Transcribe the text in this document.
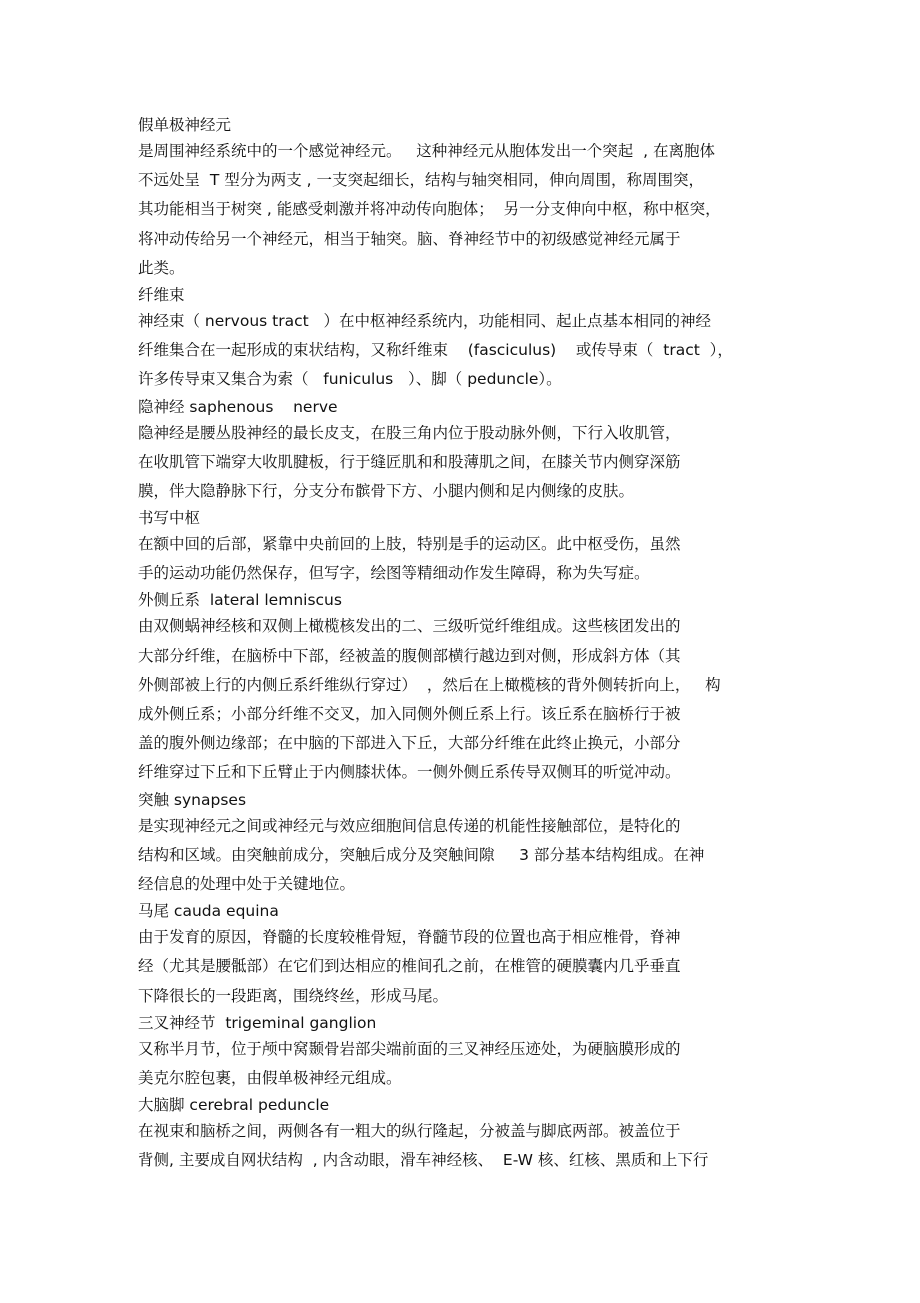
假单极神经元
是周围神经系统中的一个感觉神经元。   这种神经元从胞体发出一个突起  , 在离胞体
不远处呈  T 型分为两支 , 一支突起细长，结构与轴突相同，伸向周围，称周围突，
其功能相当于树突 , 能感受刺激并将冲动传向胞体；  另一分支伸向中枢，称中枢突，
将冲动传给另一个神经元，相当于轴突。脑、脊神经节中的初级感觉神经元属于
此类。
纤维束
神经束（ nervous tract   ）在中枢神经系统内，功能相同、起止点基本相同的神经
纤维集合在一起形成的束状结构，又称纤维束    (fasciculus)    或传导束（  tract  ），
许多传导束又集合为索（   funiculus   ）、脚（ peduncle）。
隐神经 saphenous    nerve
隐神经是腰丛股神经的最长皮支，在股三角内位于股动脉外侧，下行入收肌管，
在收肌管下端穿大收肌腱板，行于缝匠肌和和股薄肌之间，在膝关节内侧穿深筋
膜，伴大隐静脉下行，分支分布髌骨下方、小腿内侧和足内侧缘的皮肤。
书写中枢
在额中回的后部，紧靠中央前回的上肢，特别是手的运动区。此中枢受伤，虽然
手的运动功能仍然保存，但写字，绘图等精细动作发生障碍，称为失写症。
外侧丘系  lateral lemniscus
由双侧蜗神经核和双侧上橄榄核发出的二、三级听觉纤维组成。这些核团发出的
大部分纤维，在脑桥中下部，经被盖的腹侧部横行越边到对侧，形成斜方体（其
外侧部被上行的内侧丘系纤维纵行穿过）  ，然后在上橄榄核的背外侧转折向上，   构
成外侧丘系；小部分纤维不交叉，加入同侧外侧丘系上行。该丘系在脑桥行于被
盖的腹外侧边缘部；在中脑的下部进入下丘，大部分纤维在此终止换元，小部分
纤维穿过下丘和下丘臂止于内侧膝状体。一侧外侧丘系传导双侧耳的听觉冲动。
突触 synapses
是实现神经元之间或神经元与效应细胞间信息传递的机能性接触部位，是特化的
结构和区域。由突触前成分，突触后成分及突触间隙     3 部分基本结构组成。在神
经信息的处理中处于关键地位。
马尾 cauda equina
由于发育的原因，脊髓的长度较椎骨短，脊髓节段的位置也高于相应椎骨，脊神
经（尤其是腰骶部）在它们到达相应的椎间孔之前，在椎管的硬膜囊内几乎垂直
下降很长的一段距离，围绕终丝，形成马尾。
三叉神经节  trigeminal ganglion
又称半月节，位于颅中窝颞骨岩部尖端前面的三叉神经压迹处，为硬脑膜形成的
美克尔腔包裹，由假单极神经元组成。
大脑脚 cerebral peduncle
在视束和脑桥之间，两侧各有一粗大的纵行隆起，分被盖与脚底两部。被盖位于
背侧, 主要成自网状结构  , 内含动眼，滑车神经核、  E-W 核、红核、黑质和上下行
